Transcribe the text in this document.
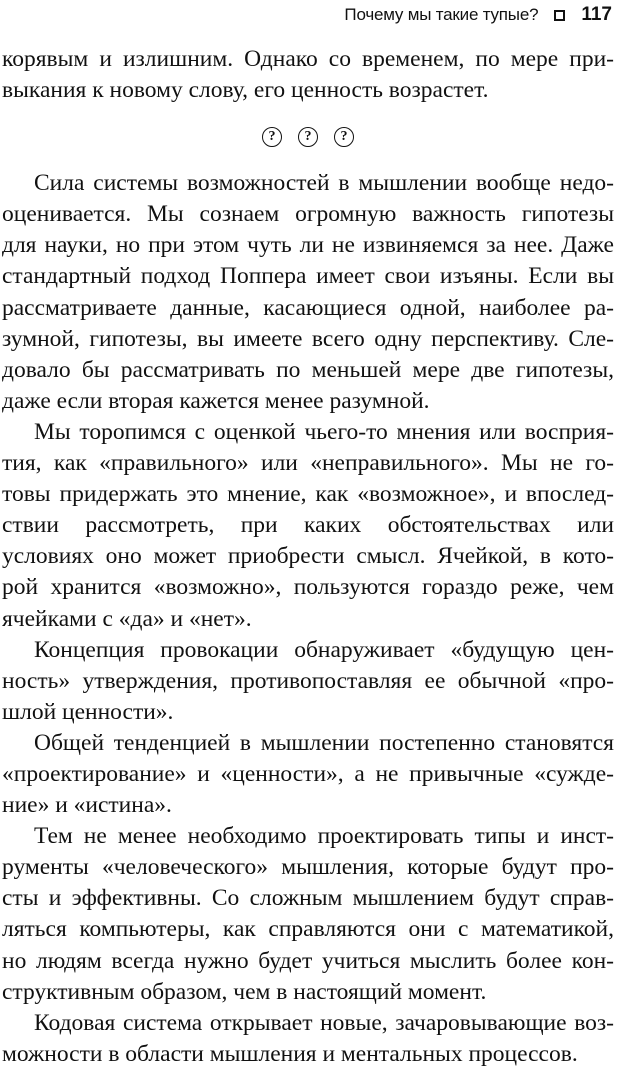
Почему мы такие тупые? 117
корявым и излишним. Однако со временем, по мере при-
выкания к новому слову, его ценность возрастет.
?	?	?
Сила системы возможностей в мышлении вообще недо-
оценивается. Мы сознаем огромную важность гипотезы
для науки, но при этом чуть ли не извиняемся за нее. Даже
стандартный подход Поппера имеет свои изъяны. Если вы
рассматриваете данные, касающиеся одной, наиболее ра-
зумной, гипотезы, вы имеете всего одну перспективу. Сле-
довало бы рассматривать по меньшей мере две гипотезы,
даже если вторая кажется менее разумной.
Мы торопимся с оценкой чьего-то мнения или восприя-
тия, как «правильного» или «неправильного». Мы не го-
товы придержать это мнение, как «возможное», и впослед-
ствии рассмотреть, при каких обстоятельствах или
условиях оно может приобрести смысл. Ячейкой, в кото-
рой хранится «возможно», пользуются гораздо реже, чем
ячейками с «да» и «нет».
Концепция провокации обнаруживает «будущую цен-
ность» утверждения, противопоставляя ее обычной «про-
шлой ценности».
Общей тенденцией в мышлении постепенно становятся
«проектирование» и «ценности», а не привычные «сужде-
ние» и «истина».
Тем не менее необходимо проектировать типы и инст-
рументы «человеческого» мышления, которые будут про-
сты и эффективны. Со сложным мышлением будут справ-
ляться компьютеры, как справляются они с математикой,
но людям всегда нужно будет учиться мыслить более кон-
структивным образом, чем в настоящий момент.
Кодовая система открывает новые, зачаровывающие воз-
можности в области мышления и ментальных процессов.
